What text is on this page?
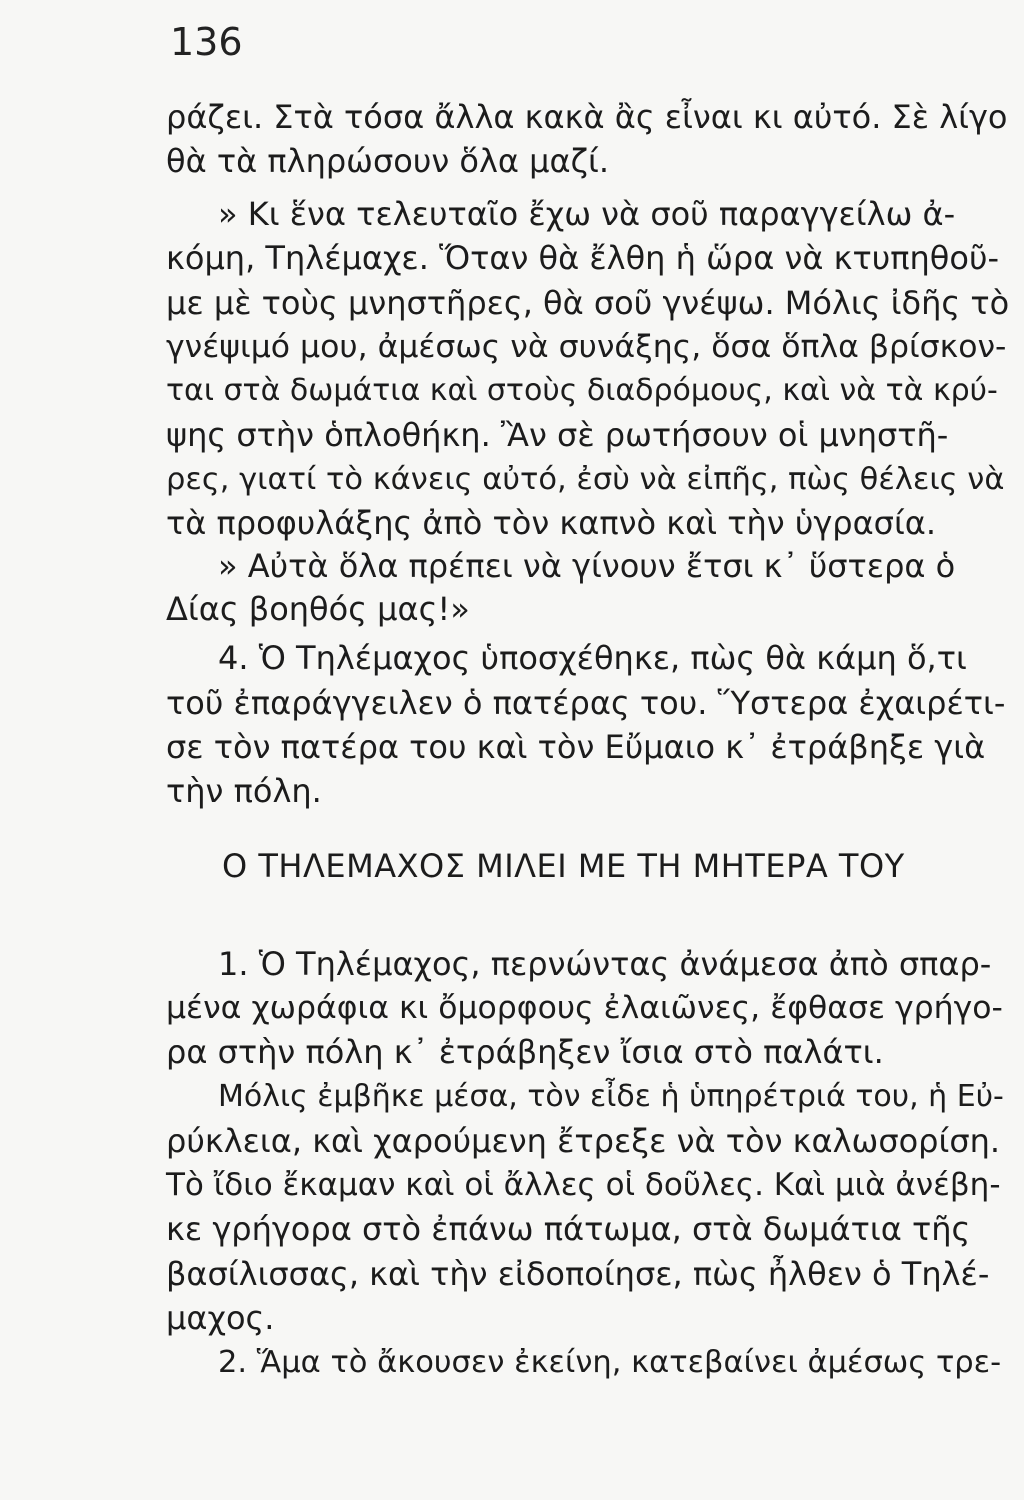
136
ράζει. Στὰ τόσα ἄλλα κακὰ ἂς εἶναι κι αὐτό. Σὲ λίγο
θὰ τὰ πληρώσουν ὅλα μαζί.
» Κι ἕνα τελευταῖο ἔχω νὰ σοῦ παραγγείλω ἀ-
κόμη, Τηλέμαχε. Ὅταν θὰ ἔλθη ἡ ὥρα νὰ κτυπηθοῦ-
με μὲ τοὺς μνηστῆρες, θὰ σοῦ γνέψω. Μόλις ἰδῆς τὸ
γνέψιμό μου, ἀμέσως νὰ συνάξης, ὅσα ὅπλα βρίσκον-
ται στὰ δωμάτια καὶ στοὺς διαδρόμους, καὶ νὰ τὰ κρύ-
ψης στὴν ὁπλοθήκη. Ἂν σὲ ρωτήσουν οἱ μνηστῆ-
ρες, γιατί τὸ κάνεις αὐτό, ἐσὺ νὰ εἰπῆς, πὼς θέλεις νὰ
τὰ προφυλάξης ἀπὸ τὸν καπνὸ καὶ τὴν ὑγρασία.
» Αὐτὰ ὅλα πρέπει νὰ γίνουν ἔτσι κ᾽ ὕστερα ὁ
Δίας βοηθός μας!»
4. Ὁ Τηλέμαχος ὑποσχέθηκε, πὼς θὰ κάμη ὅ,τι
τοῦ ἐπαράγγειλεν ὁ πατέρας του. Ὕστερα ἐχαιρέτι-
σε τὸν πατέρα του καὶ τὸν Εὔμαιο κ᾽ ἐτράβηξε γιὰ
τὴν πόλη.
Ο ΤΗΛΕΜΑΧΟΣ ΜΙΛΕΙ ΜΕ ΤΗ ΜΗΤΕΡΑ ΤΟΥ
1. Ὁ Τηλέμαχος, περνώντας ἀνάμεσα ἀπὸ σπαρ-
μένα χωράφια κι ὄμορφους ἐλαιῶνες, ἔφθασε γρήγο-
ρα στὴν πόλη κ᾽ ἐτράβηξεν ἴσια στὸ παλάτι.
Μόλις ἐμβῆκε μέσα, τὸν εἶδε ἡ ὑπηρέτριά του, ἡ Εὐ-
ρύκλεια, καὶ χαρούμενη ἔτρεξε νὰ τὸν καλωσορίση.
Τὸ ἴδιο ἔκαμαν καὶ οἱ ἄλλες οἱ δοῦλες. Καὶ μιὰ ἀνέβη-
κε γρήγορα στὸ ἐπάνω πάτωμα, στὰ δωμάτια τῆς
βασίλισσας, καὶ τὴν εἰδοποίησε, πὼς ἦλθεν ὁ Τηλέ-
μαχος.
2. Ἅμα τὸ ἄκουσεν ἐκείνη, κατεβαίνει ἀμέσως τρε-
